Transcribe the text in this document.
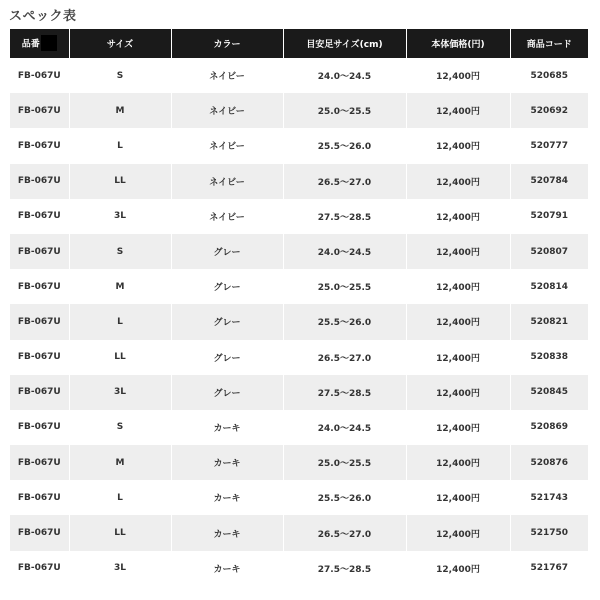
スペック表
品番	サイズ	カラー	目安足サイズ(cm)	本体価格(円)	商品コード
FB-067U	S	ネイビー	24.0～24.5	12,400円	520685
FB-067U	M	ネイビー	25.0～25.5	12,400円	520692
FB-067U	L	ネイビー	25.5～26.0	12,400円	520777
FB-067U	LL	ネイビー	26.5～27.0	12,400円	520784
FB-067U	3L	ネイビー	27.5～28.5	12,400円	520791
FB-067U	S	グレー	24.0～24.5	12,400円	520807
FB-067U	M	グレー	25.0～25.5	12,400円	520814
FB-067U	L	グレー	25.5～26.0	12,400円	520821
FB-067U	LL	グレー	26.5～27.0	12,400円	520838
FB-067U	3L	グレー	27.5～28.5	12,400円	520845
FB-067U	S	カーキ	24.0～24.5	12,400円	520869
FB-067U	M	カーキ	25.0～25.5	12,400円	520876
FB-067U	L	カーキ	25.5～26.0	12,400円	521743
FB-067U	LL	カーキ	26.5～27.0	12,400円	521750
FB-067U	3L	カーキ	27.5～28.5	12,400円	521767
